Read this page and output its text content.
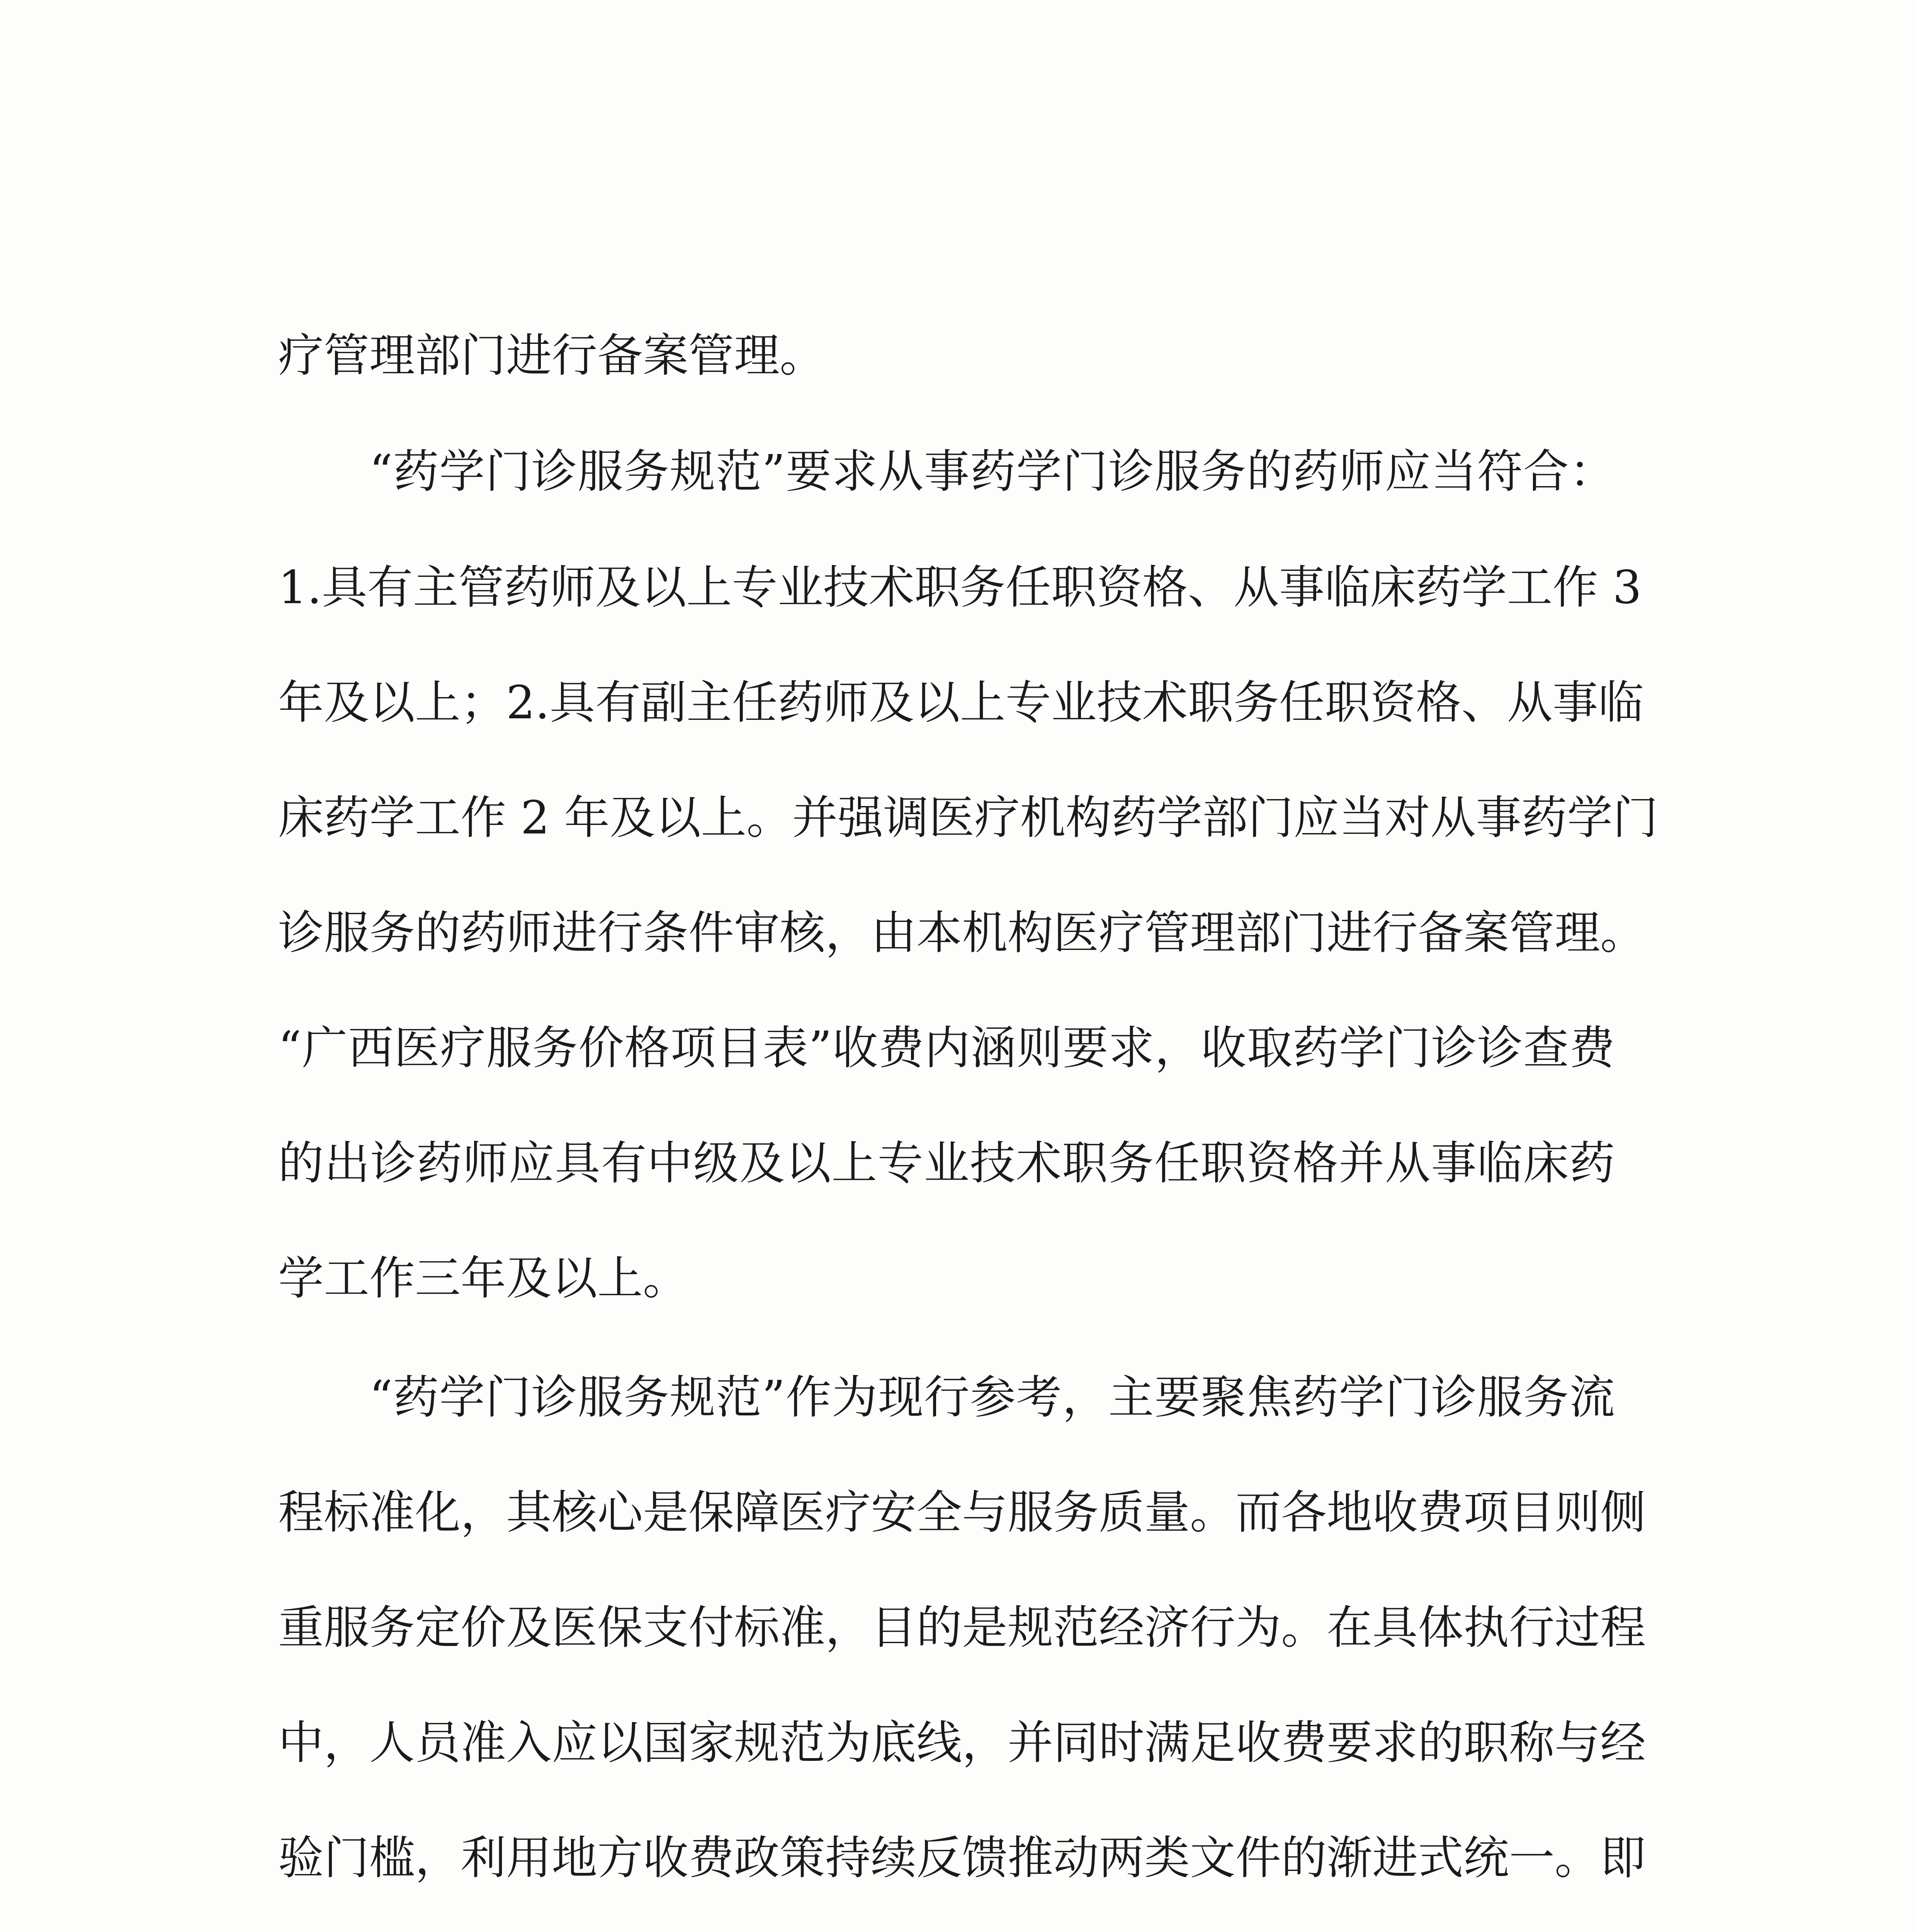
疗管理部门进行备案管理。
“药学门诊服务规范”要求从事药学门诊服务的药师应当符合：
1.具有主管药师及以上专业技术职务任职资格、从事临床药学工作 3
年及以上；2.具有副主任药师及以上专业技术职务任职资格、从事临
床药学工作 2 年及以上。并强调医疗机构药学部门应当对从事药学门
诊服务的药师进行条件审核，由本机构医疗管理部门进行备案管理。
“广西医疗服务价格项目表”收费内涵则要求，收取药学门诊诊查费
的出诊药师应具有中级及以上专业技术职务任职资格并从事临床药
学工作三年及以上。
“药学门诊服务规范”作为现行参考，主要聚焦药学门诊服务流
程标准化，其核心是保障医疗安全与服务质量。而各地收费项目则侧
重服务定价及医保支付标准，目的是规范经济行为。在具体执行过程
中，人员准入应以国家规范为底线，并同时满足收费要求的职称与经
验门槛，利用地方收费政策持续反馈推动两类文件的渐进式统一。即
